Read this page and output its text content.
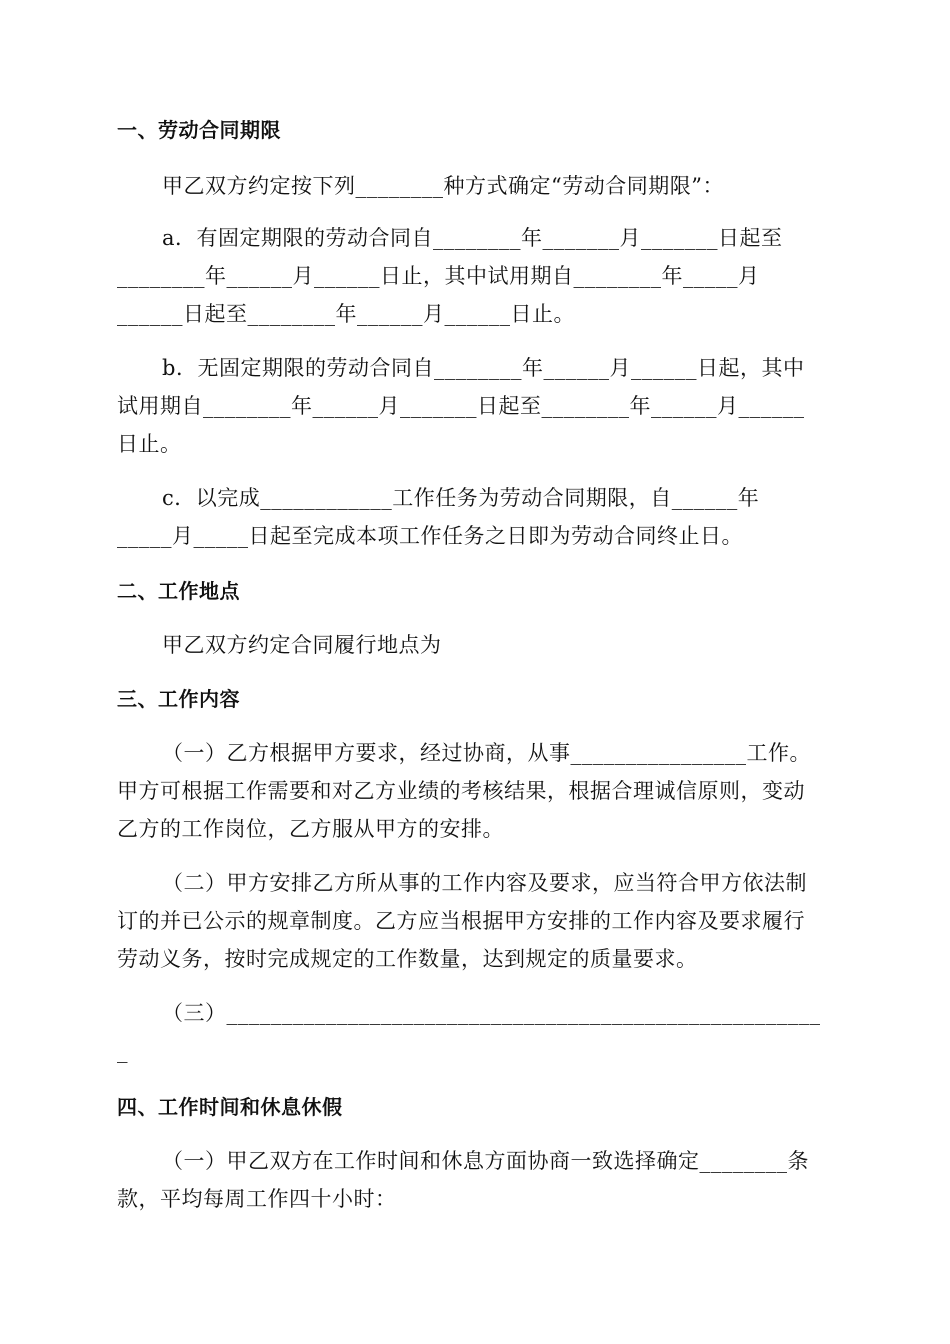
一、劳动合同期限
甲乙双方约定按下列________种方式确定“劳动合同期限”：
a．有固定期限的劳动合同自________年_______月_______日起至
________年______月______日止，其中试用期自________年_____月
______日起至________年______月______日止。
b．无固定期限的劳动合同自________年______月______日起，其中
试用期自________年______月_______日起至________年______月______
日止。
c．以完成____________工作任务为劳动合同期限，自______年
_____月_____日起至完成本项工作任务之日即为劳动合同终止日。
二、工作地点
甲乙双方约定合同履行地点为
三、工作内容
（一）乙方根据甲方要求，经过协商，从事________________工作。
甲方可根据工作需要和对乙方业绩的考核结果，根据合理诚信原则，变动
乙方的工作岗位，乙方服从甲方的安排。
（二）甲方安排乙方所从事的工作内容及要求，应当符合甲方依法制
订的并已公示的规章制度。乙方应当根据甲方安排的工作内容及要求履行
劳动义务，按时完成规定的工作数量，达到规定的质量要求。
（三）______________________________________________________
_
四、工作时间和休息休假
（一）甲乙双方在工作时间和休息方面协商一致选择确定________条
款，平均每周工作四十小时：
